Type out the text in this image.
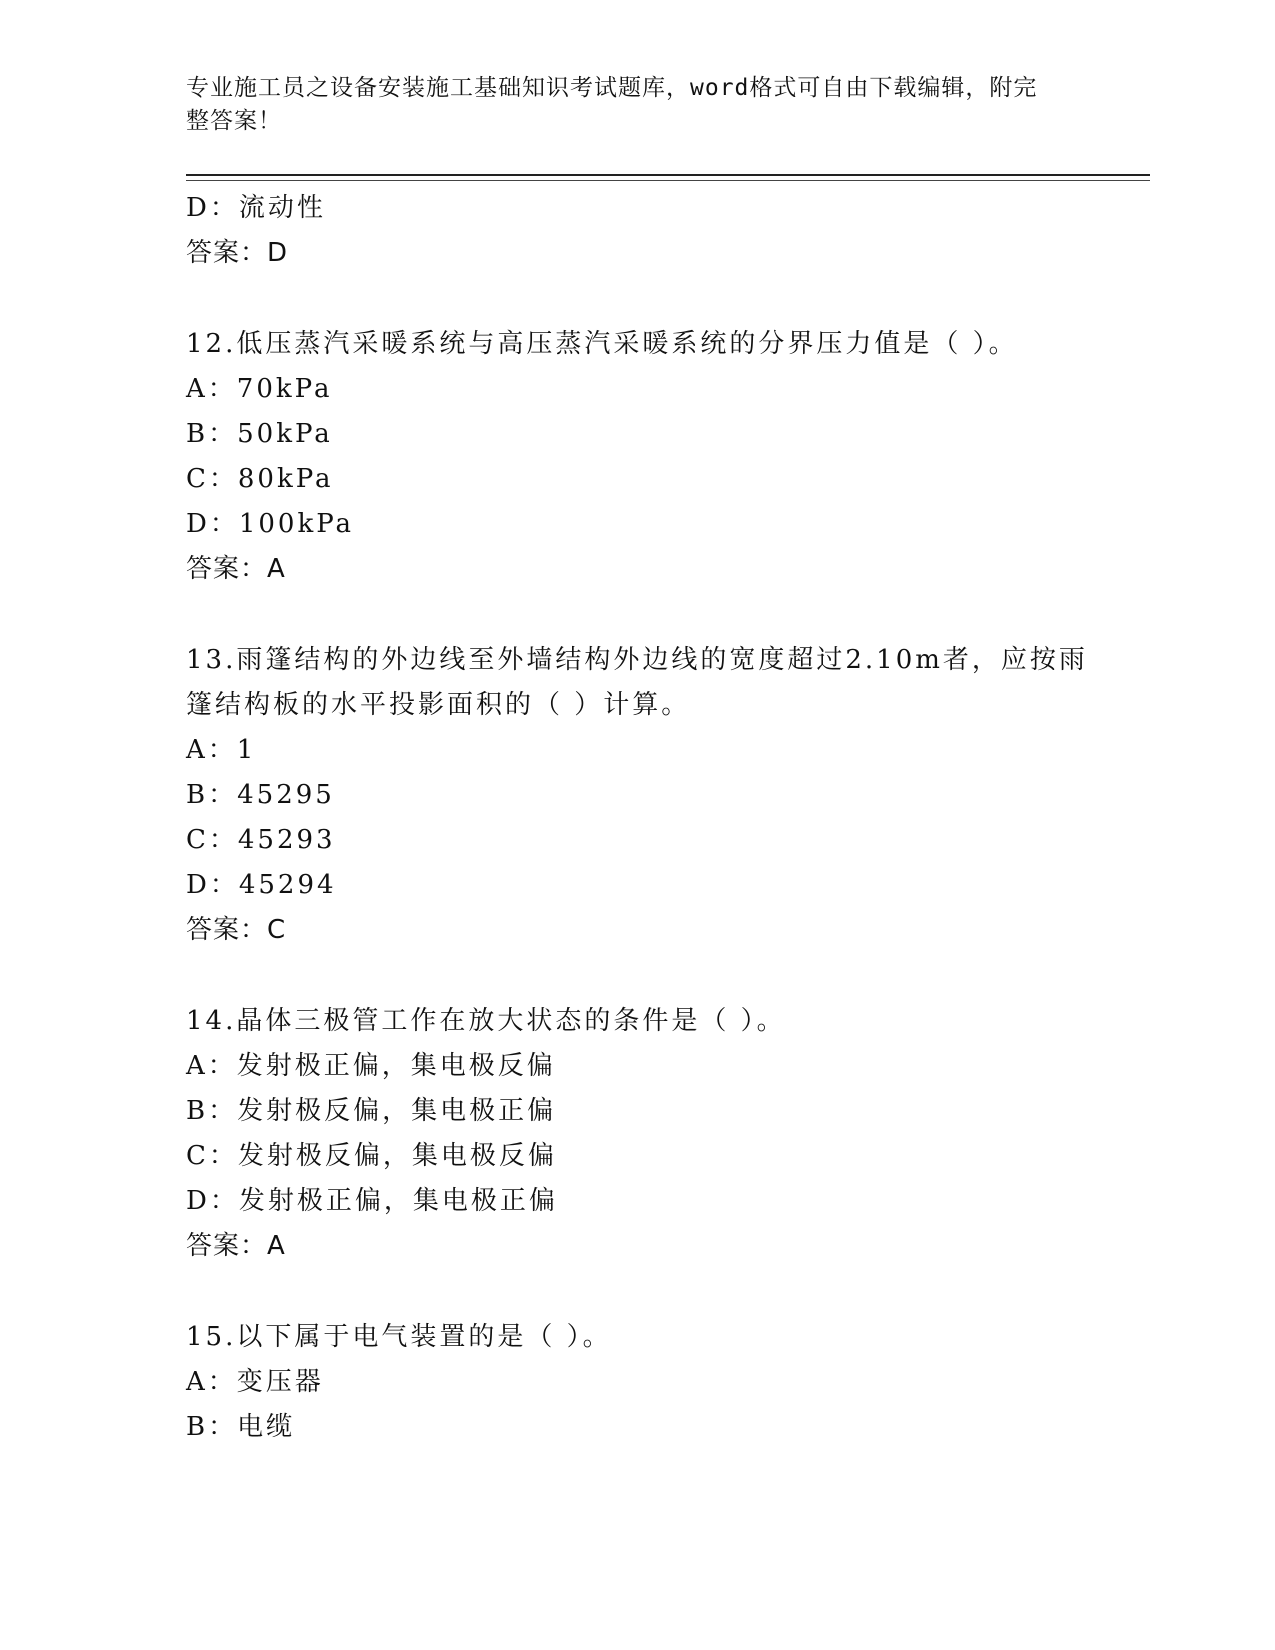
专业施工员之设备安装施工基础知识考试题库，word格式可自由下载编辑，附完
整答案！
D：流动性
答案：D
12.低压蒸汽采暖系统与高压蒸汽采暖系统的分界压力值是（ ）。
A：70kPa
B：50kPa
C：80kPa
D：100kPa
答案：A
13.雨篷结构的外边线至外墙结构外边线的宽度超过2.10m者，应按雨
篷结构板的水平投影面积的（ ）计算。
A：1
B：45295
C：45293
D：45294
答案：C
14.晶体三极管工作在放大状态的条件是（ ）。
A：发射极正偏，集电极反偏
B：发射极反偏，集电极正偏
C：发射极反偏，集电极反偏
D：发射极正偏，集电极正偏
答案：A
15.以下属于电气装置的是（ ）。
A：变压器
B：电缆
